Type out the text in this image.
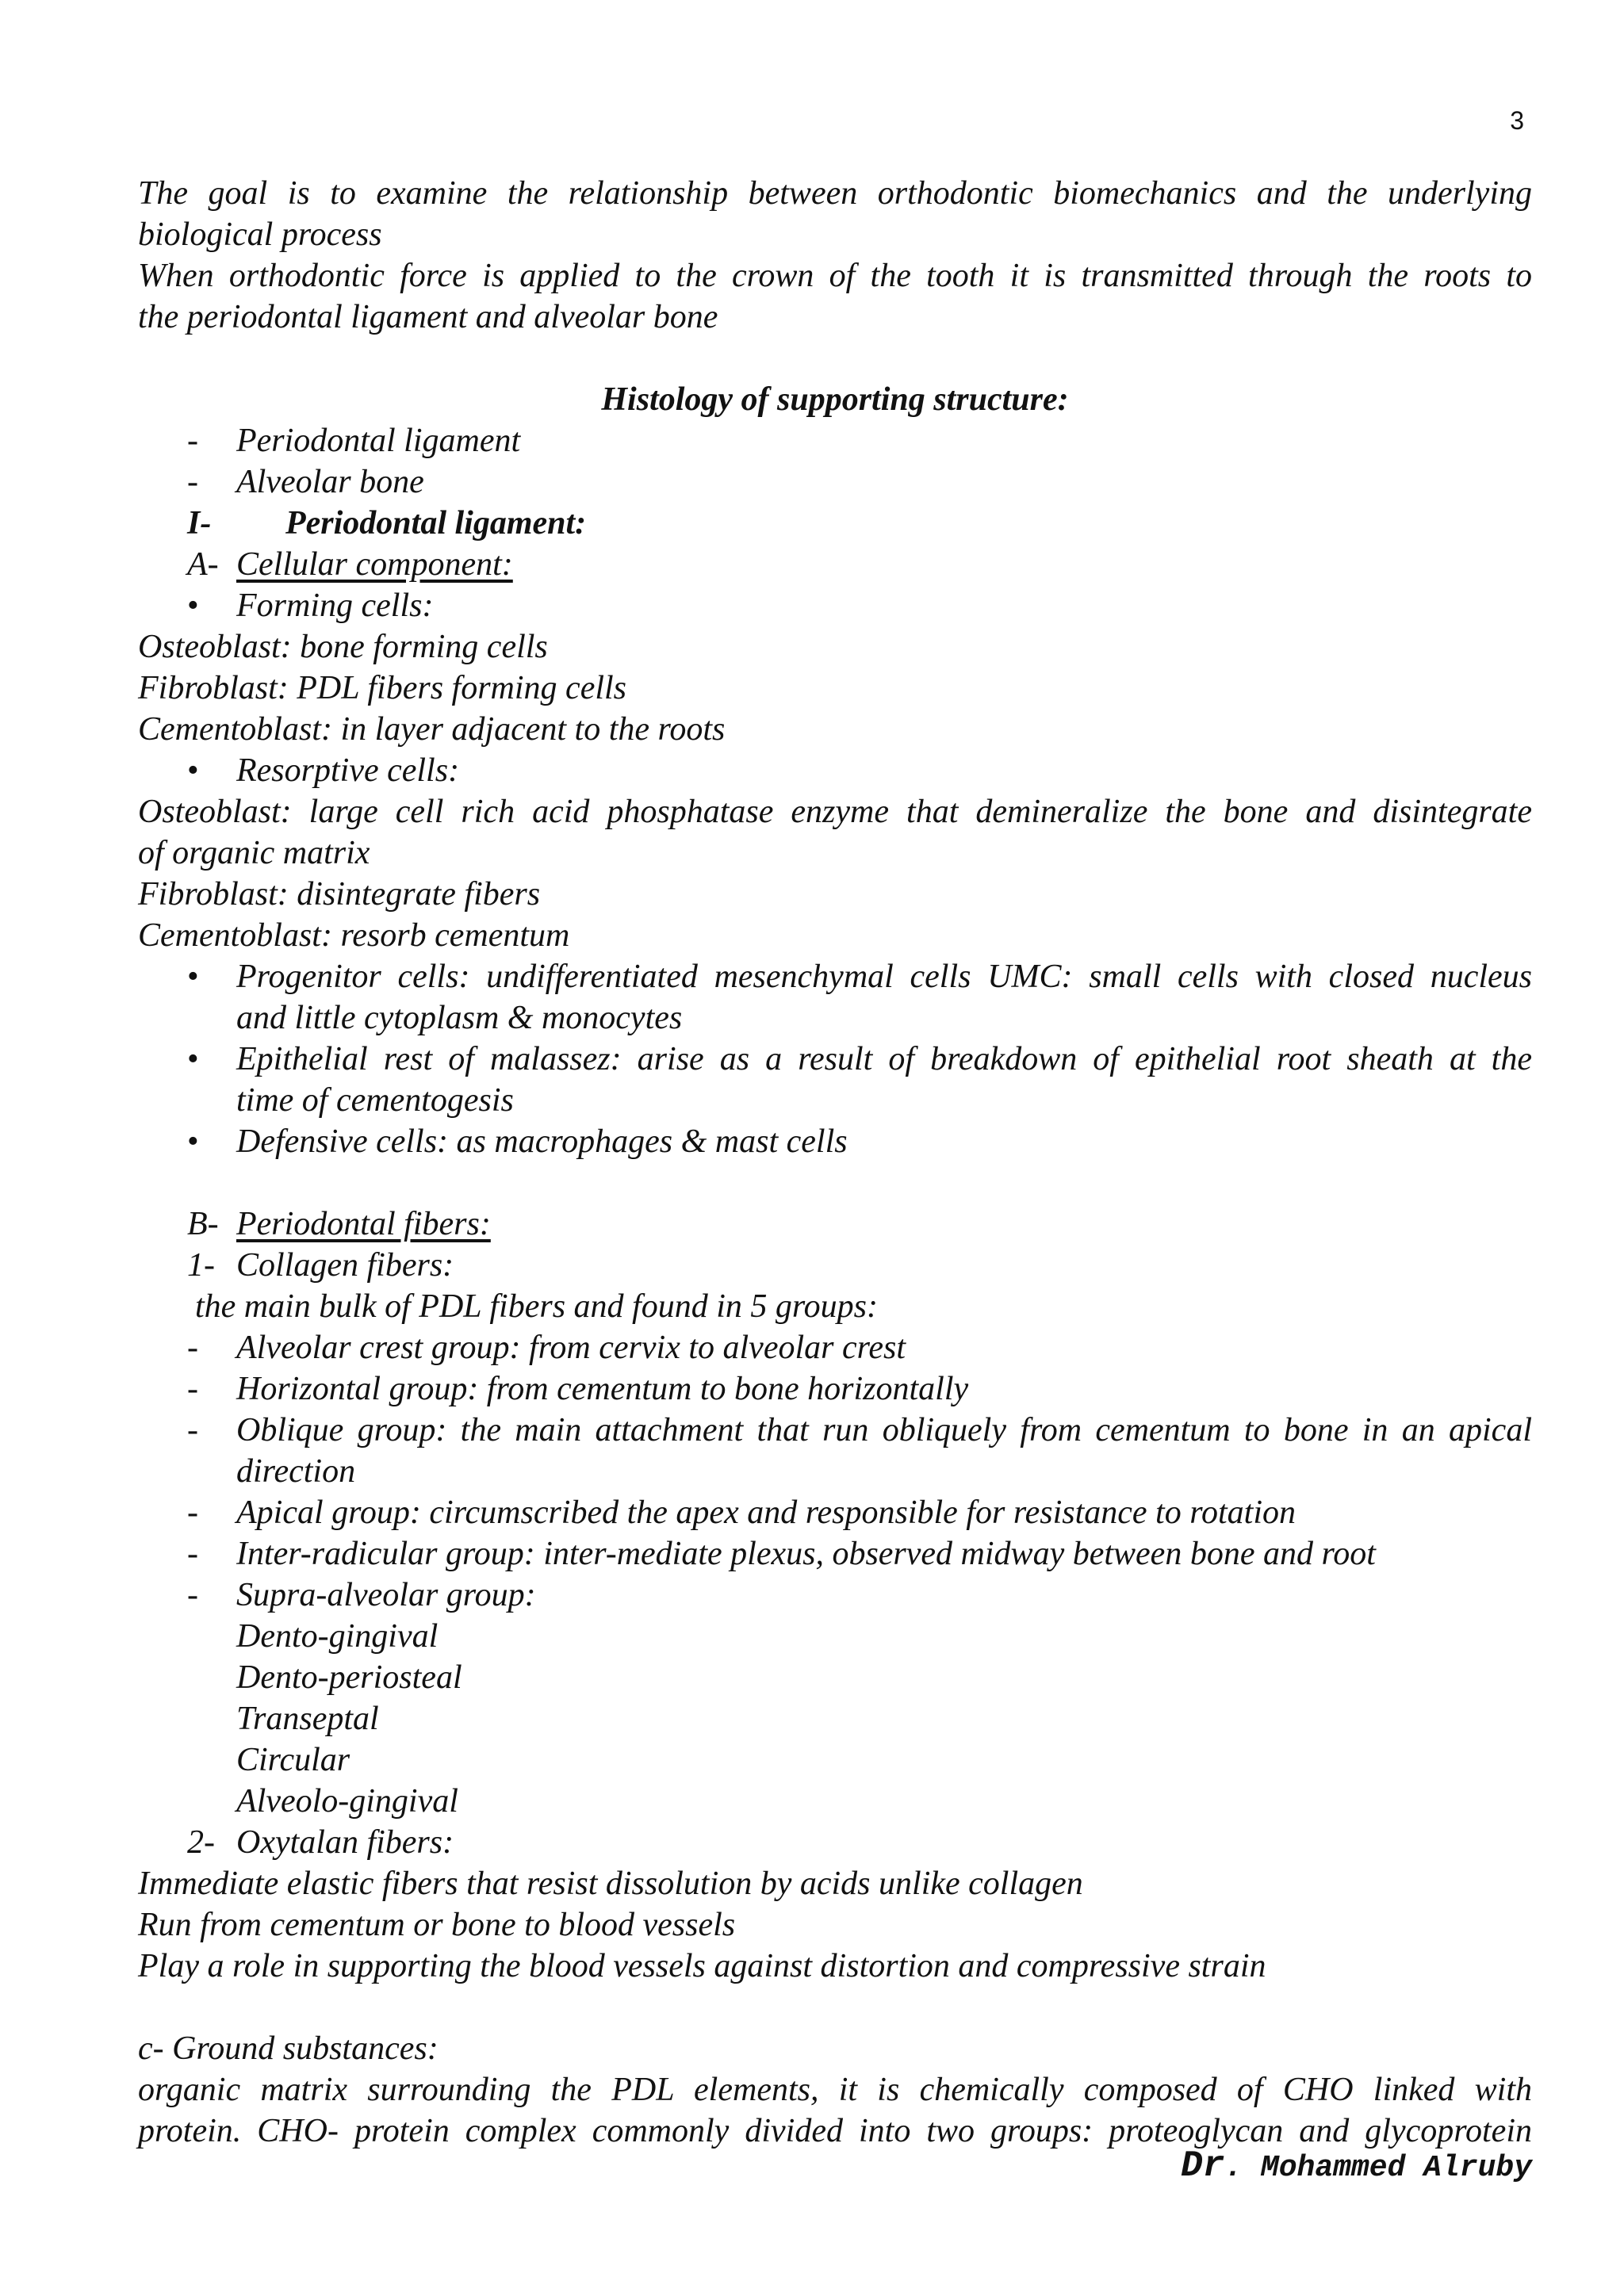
3
The goal is to examine the relationship between orthodontic biomechanics and the underlying
biological process
When orthodontic force is applied to the crown of the tooth it is transmitted through the roots to
the periodontal ligament and alveolar bone
Histology of supporting structure:
-	Periodontal ligament
-	Alveolar bone
I-	Periodontal ligament:
A- Cellular component:
•	Forming cells:
Osteoblast: bone forming cells
Fibroblast: PDL fibers forming cells
Cementoblast: in layer adjacent to the roots
•	Resorptive cells:
Osteoblast: large cell rich acid phosphatase enzyme that demineralize the bone and disintegrate
of organic matrix
Fibroblast: disintegrate fibers
Cementoblast: resorb cementum
•	Progenitor cells: undifferentiated mesenchymal cells UMC: small cells with closed nucleus
and little cytoplasm & monocytes
•	Epithelial rest of malassez: arise as a result of breakdown of epithelial root sheath at the
time of cementogesis
•	Defensive cells: as macrophages & mast cells
B- Periodontal fibers:
1- Collagen fibers:
the main bulk of PDL fibers and found in 5 groups:
-	Alveolar crest group: from cervix to alveolar crest
-	Horizontal group: from cementum to bone horizontally
-	Oblique group: the main attachment that run obliquely from cementum to bone in an apical
direction
-	Apical group: circumscribed the apex and responsible for resistance to rotation
-	Inter-radicular group: inter-mediate plexus, observed midway between bone and root
-	Supra-alveolar group:
Dento-gingival
Dento-periosteal
Transeptal
Circular
Alveolo-gingival
2- Oxytalan fibers:
Immediate elastic fibers that resist dissolution by acids unlike collagen
Run from cementum or bone to blood vessels
Play a role in supporting the blood vessels against distortion and compressive strain
c- Ground substances:
organic matrix surrounding the PDL elements, it is chemically composed of CHO linked with
protein. CHO- protein complex commonly divided into two groups: proteoglycan and glycoprotein
Dr. Mohammed Alruby
